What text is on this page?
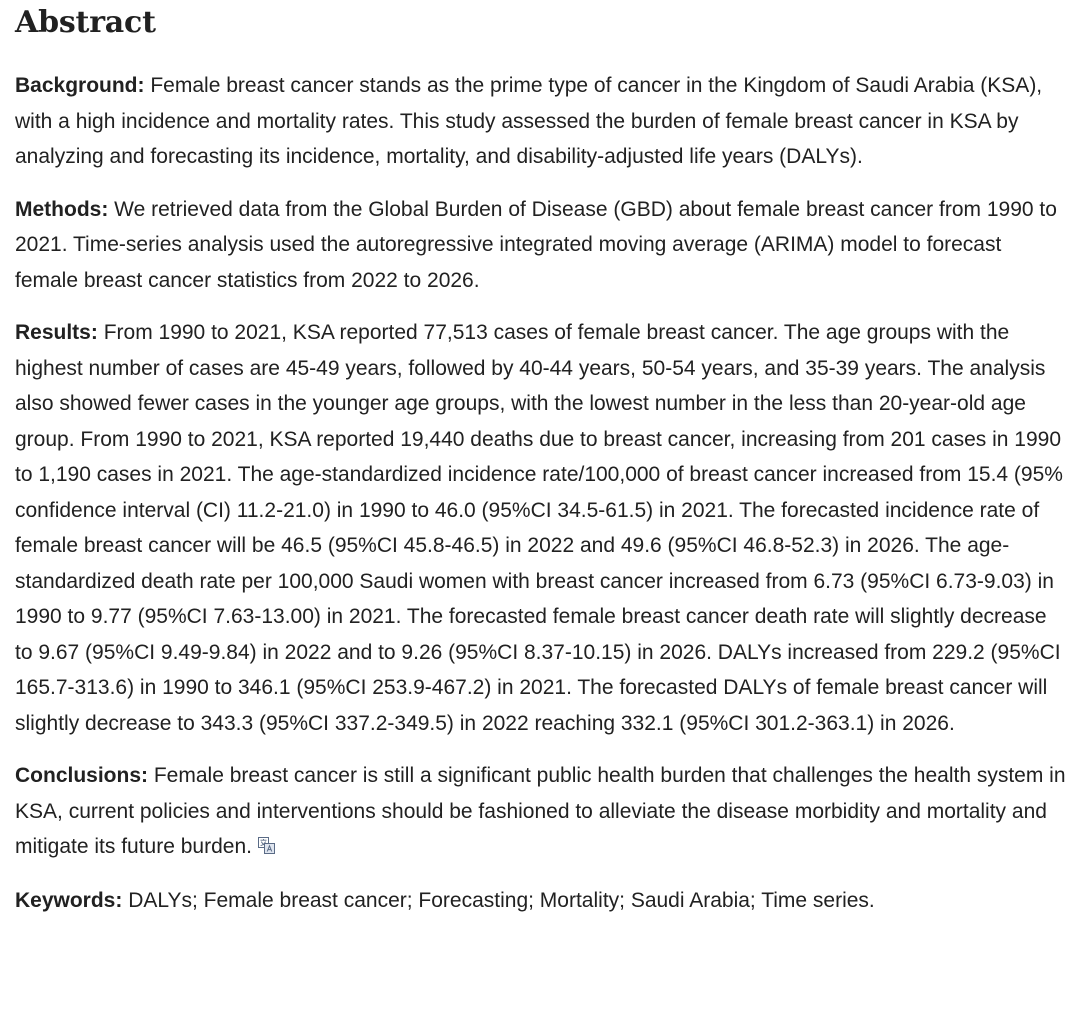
Abstract

Background: Female breast cancer stands as the prime type of cancer in the Kingdom of Saudi Arabia (KSA), with a high incidence and mortality rates. This study assessed the burden of female breast cancer in KSA by analyzing and forecasting its incidence, mortality, and disability-adjusted life years (DALYs).

Methods: We retrieved data from the Global Burden of Disease (GBD) about female breast cancer from 1990 to 2021. Time-series analysis used the autoregressive integrated moving average (ARIMA) model to forecast female breast cancer statistics from 2022 to 2026.

Results: From 1990 to 2021, KSA reported 77,513 cases of female breast cancer. The age groups with the highest number of cases are 45-49 years, followed by 40-44 years, 50-54 years, and 35-39 years. The analysis also showed fewer cases in the younger age groups, with the lowest number in the less than 20-year-old age group. From 1990 to 2021, KSA reported 19,440 deaths due to breast cancer, increasing from 201 cases in 1990 to 1,190 cases in 2021. The age-standardized incidence rate/100,000 of breast cancer increased from 15.4 (95% confidence interval (CI) 11.2-21.0) in 1990 to 46.0 (95%CI 34.5-61.5) in 2021. The forecasted incidence rate of female breast cancer will be 46.5 (95%CI 45.8-46.5) in 2022 and 49.6 (95%CI 46.8-52.3) in 2026. The age-standardized death rate per 100,000 Saudi women with breast cancer increased from 6.73 (95%CI 6.73-9.03) in 1990 to 9.77 (95%CI 7.63-13.00) in 2021. The forecasted female breast cancer death rate will slightly decrease to 9.67 (95%CI 9.49-9.84) in 2022 and to 9.26 (95%CI 8.37-10.15) in 2026. DALYs increased from 229.2 (95%CI 165.7-313.6) in 1990 to 346.1 (95%CI 253.9-467.2) in 2021. The forecasted DALYs of female breast cancer will slightly decrease to 343.3 (95%CI 337.2-349.5) in 2022 reaching 332.1 (95%CI 301.2-363.1) in 2026.

Conclusions: Female breast cancer is still a significant public health burden that challenges the health system in KSA, current policies and interventions should be fashioned to alleviate the disease morbidity and mortality and mitigate its future burden.

Keywords: DALYs; Female breast cancer; Forecasting; Mortality; Saudi Arabia; Time series.
